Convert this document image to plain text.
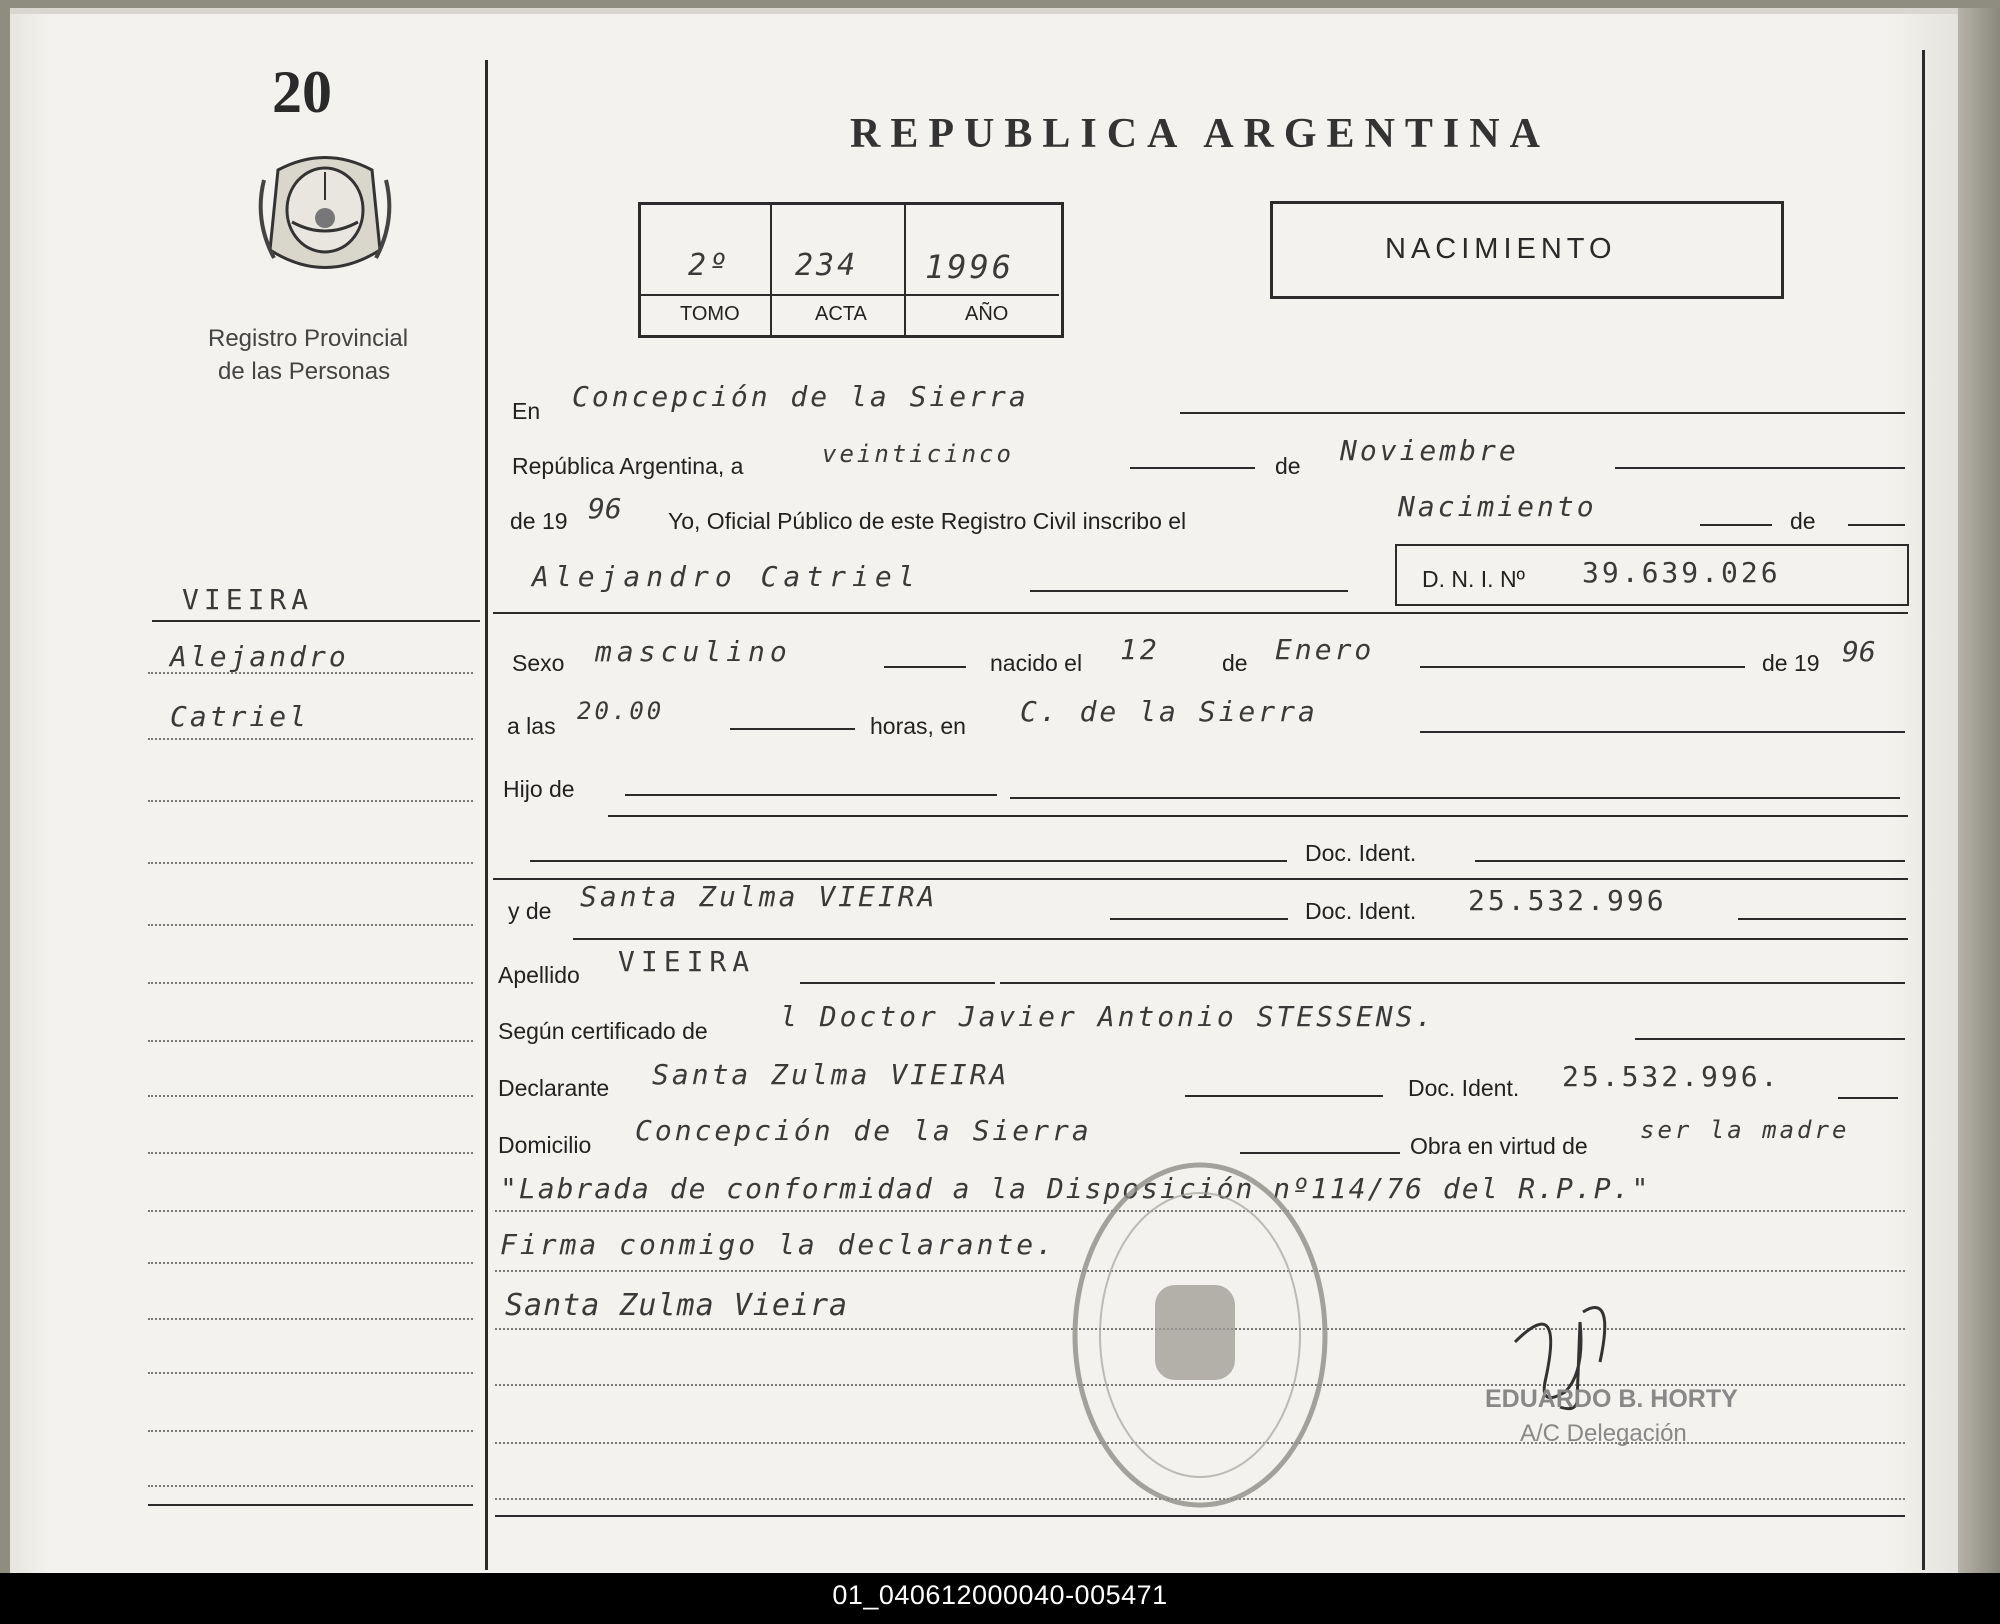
20
Registro Provincial
de las Personas
VIEIRA
Alejandro
Catriel
REPUBLICA ARGENTINA
2º 234 1996
TOMO	ACTA	AÑO
NACIMIENTO
En Concepción de la Sierra
República Argentina, a	veinticinco	de Noviembre
de 19 96 Yo, Oficial Público de este Registro Civil inscribo el	Nacimiento	de
Alejandro Catriel	D. N. I. Nº 39.639.026
Sexo masculino	nacido el 12	de Enero	de 19 96
a las
20.00
horas, en C. de la Sierra
Hijo de
Doc. Ident.
y de Santa Zulma VIEIRA	Doc. Ident. 25.532.996
Apellido VIEIRA
Según certificado de	l Doctor Javier Antonio STESSENS.
Declarante Santa Zulma VIEIRA	Doc. Ident. 25.532.996.
Domicilio Concepción de la Sierra	Obra en virtud de
ser la madre
"Labrada de conformidad a la Disposición nº114/76 del R.P.P."
Firma conmigo la declarante.
Santa Zulma Vieira
EDUARDO B. HORTY
A/C Delegación
01_040612000040-005471
